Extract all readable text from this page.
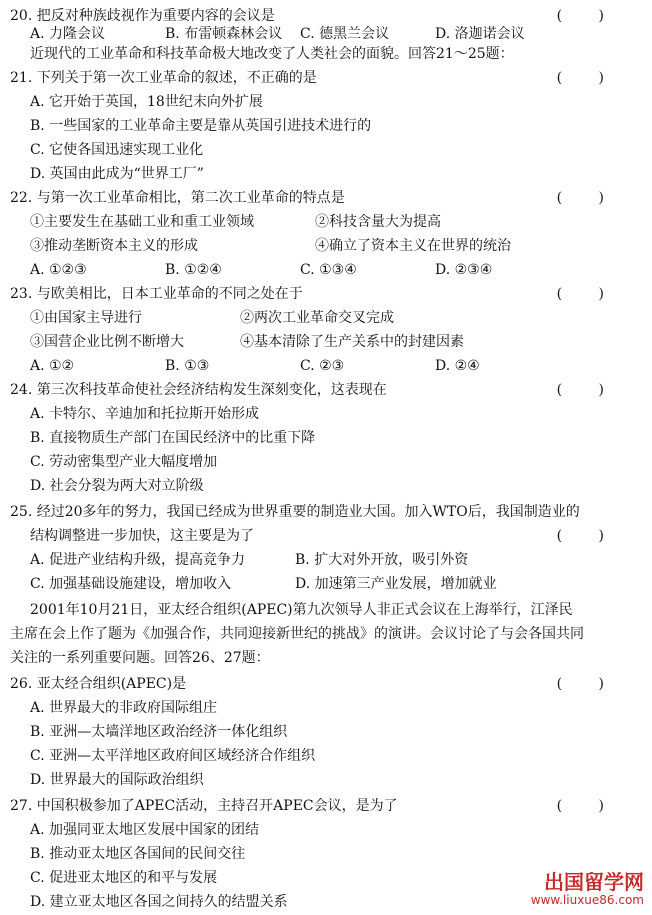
20. 把反对种族歧视作为重要内容的会议是	( )
A. 力隆会议	B. 布雷顿森林会议	C. 德黑兰会议	D. 洛迦诺会议
近现代的工业革命和科技革命极大地改变了人类社会的面貌。回答21～25题：
21. 下列关于第一次工业革命的叙述，不正确的是	( )
A. 它开始于英国，18世纪末向外扩展
B. 一些国家的工业革命主要是靠从英国引进技术进行的
C. 它使各国迅速实现工业化
D. 英国由此成为“世界工厂”
22. 与第一次工业革命相比，第二次工业革命的特点是	( )
①主要发生在基础工业和重工业领域	②科技含量大为提高
③推动垄断资本主义的形成	④确立了资本主义在世界的统治
A. ①②③	B. ①②④	C. ①③④	D. ②③④
23. 与欧美相比，日本工业革命的不同之处在于	( )
①由国家主导进行	②两次工业革命交叉完成
③国营企业比例不断增大	④基本清除了生产关系中的封建因素
A. ①②	B. ①③	C. ②③	D. ②④
24. 第三次科技革命使社会经济结构发生深刻变化，这表现在	( )
A. 卡特尔、辛迪加和托拉斯开始形成
B. 直接物质生产部门在国民经济中的比重下降
C. 劳动密集型产业大幅度增加
D. 社会分裂为两大对立阶级
25. 经过20多年的努力，我国已经成为世界重要的制造业大国。加入WTO后，我国制造业的
结构调整进一步加快，这主要是为了	( )
A. 促进产业结构升级，提高竞争力	B. 扩大对外开放，吸引外资
C. 加强基础设施建设，增加收入	D. 加速第三产业发展，增加就业
2001年10月21日，亚太经合组织(APEC)第九次领导人非正式会议在上海举行，江泽民
主席在会上作了题为《加强合作，共同迎接新世纪的挑战》的演讲。会议讨论了与会各国共同
关注的一系列重要问题。回答26、27题：
26. 亚太经合组织(APEC)是	( )
A. 世界最大的非政府国际组庄
B. 亚洲—太墙洋地区政治经济一体化组织
C. 亚洲—太平洋地区政府间区域经济合作组织
D. 世界最大的国际政治组织
27. 中国积极参加了APEC活动，主持召开APEC会议，是为了	( )
A. 加强同亚太地区发展中国家的团结
B. 推动亚太地区各国间的民间交往
C. 促进亚太地区的和平与发展
D. 建立亚太地区各国之间持久的结盟关系
出国留学网
www.liuxue86.com
